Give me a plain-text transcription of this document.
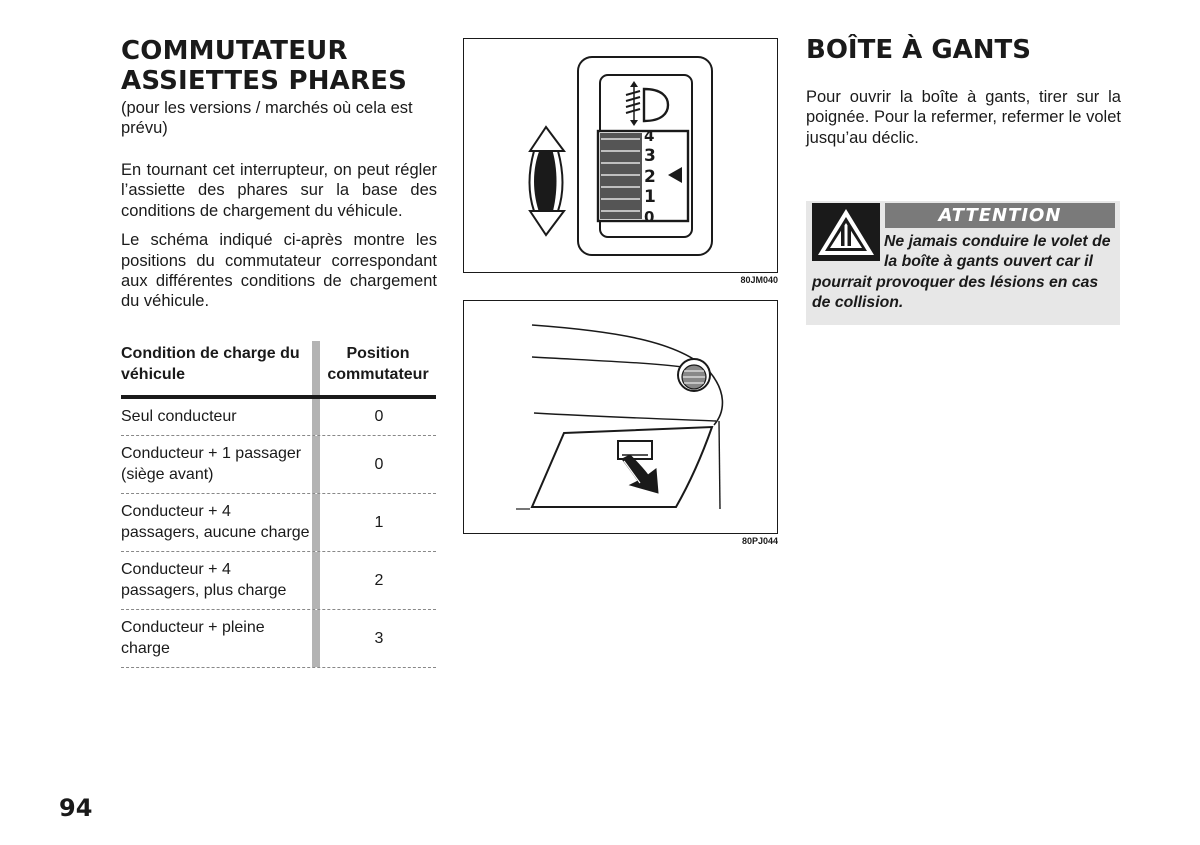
COMMUTATEUR
ASSIETTES PHARES

(pour les versions / marchés où cela est prévu)

En tournant cet interrupteur, on peut régler l’assiette des phares sur la base des conditions de chargement du véhicule.

Le schéma indiqué ci-après montre les positions du commutateur correspondant aux différentes conditions de chargement du véhicule.

Condition de charge du véhicule
Position commutateur
Seul conducteur	0
Conducteur + 1 passager (siège avant)
0
Conducteur + 4 passagers, aucune charge
1
Conducteur + 4 passagers, plus charge
2
Conducteur + pleine charge
3
4
3
2
1
0
80JM040
80PJ044
BOÎTE À GANTS

Pour ouvrir la boîte à gants, tirer sur la poignée. Pour la refermer, refermer le volet jusqu’au déclic.

ATTENTION
Ne jamais conduire le volet de la boîte à gants ouvert car il pourrait provoquer des lésions en cas de collision.
94
